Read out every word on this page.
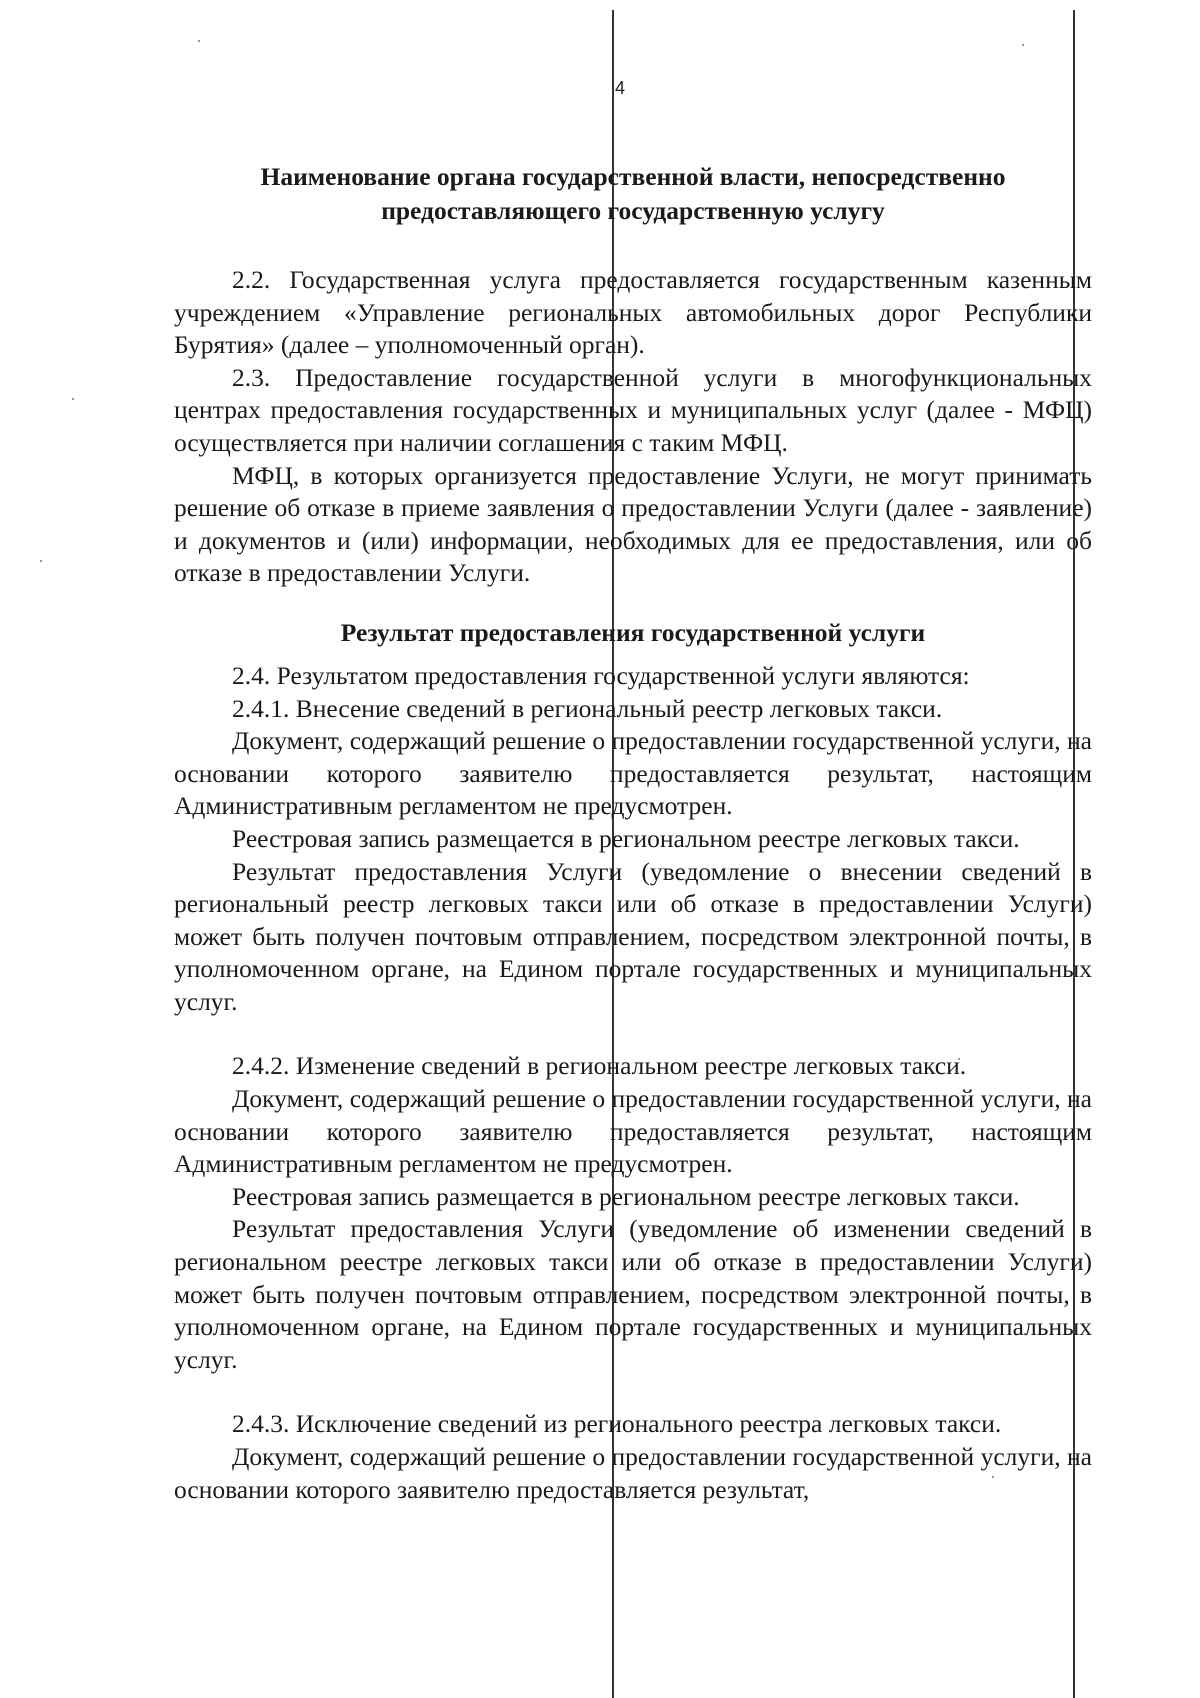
4

Наименование органа государственной власти, непосредственно

предоставляющего государственную услугу

2.2. Государственная услуга предоставляется государственным казенным учреждением «Управление региональных автомобильных дорог Республики Бурятия» (далее – уполномоченный орган).

2.3. Предоставление государственной услуги в многофункциональных центрах предоставления государственных и муниципальных услуг (далее - МФЦ) осуществляется при наличии соглашения с таким МФЦ.

МФЦ, в которых организуется предоставление Услуги, не могут принимать решение об отказе в приеме заявления о предоставлении Услуги (далее - заявление) и документов и (или) информации, необходимых для ее предоставления, или об отказе в предоставлении Услуги.

Результат предоставления государственной услуги

2.4. Результатом предоставления государственной услуги являются:

2.4.1. Внесение сведений в региональный реестр легковых такси.

Документ, содержащий решение о предоставлении государственной услуги, на основании которого заявителю предоставляется результат, настоящим Административным регламентом не предусмотрен.

Реестровая запись размещается в региональном реестре легковых такси.

Результат предоставления Услуги (уведомление о внесении сведений в региональный реестр легковых такси или об отказе в предоставлении Услуги) может быть получен почтовым отправлением, посредством электронной почты, в уполномоченном органе, на Едином портале государственных и муниципальных услуг.

2.4.2. Изменение сведений в региональном реестре легковых такси.

Документ, содержащий решение о предоставлении государственной услуги, на основании которого заявителю предоставляется результат, настоящим Административным регламентом не предусмотрен.

Реестровая запись размещается в региональном реестре легковых такси.

Результат предоставления Услуги (уведомление об изменении сведений в региональном реестре легковых такси или об отказе в предоставлении Услуги) может быть получен почтовым отправлением, посредством электронной почты, в уполномоченном органе, на Едином портале государственных и муниципальных услуг.

2.4.3. Исключение сведений из регионального реестра легковых такси.

Документ, содержащий решение о предоставлении государственной услуги, на основании которого заявителю предоставляется результат,
